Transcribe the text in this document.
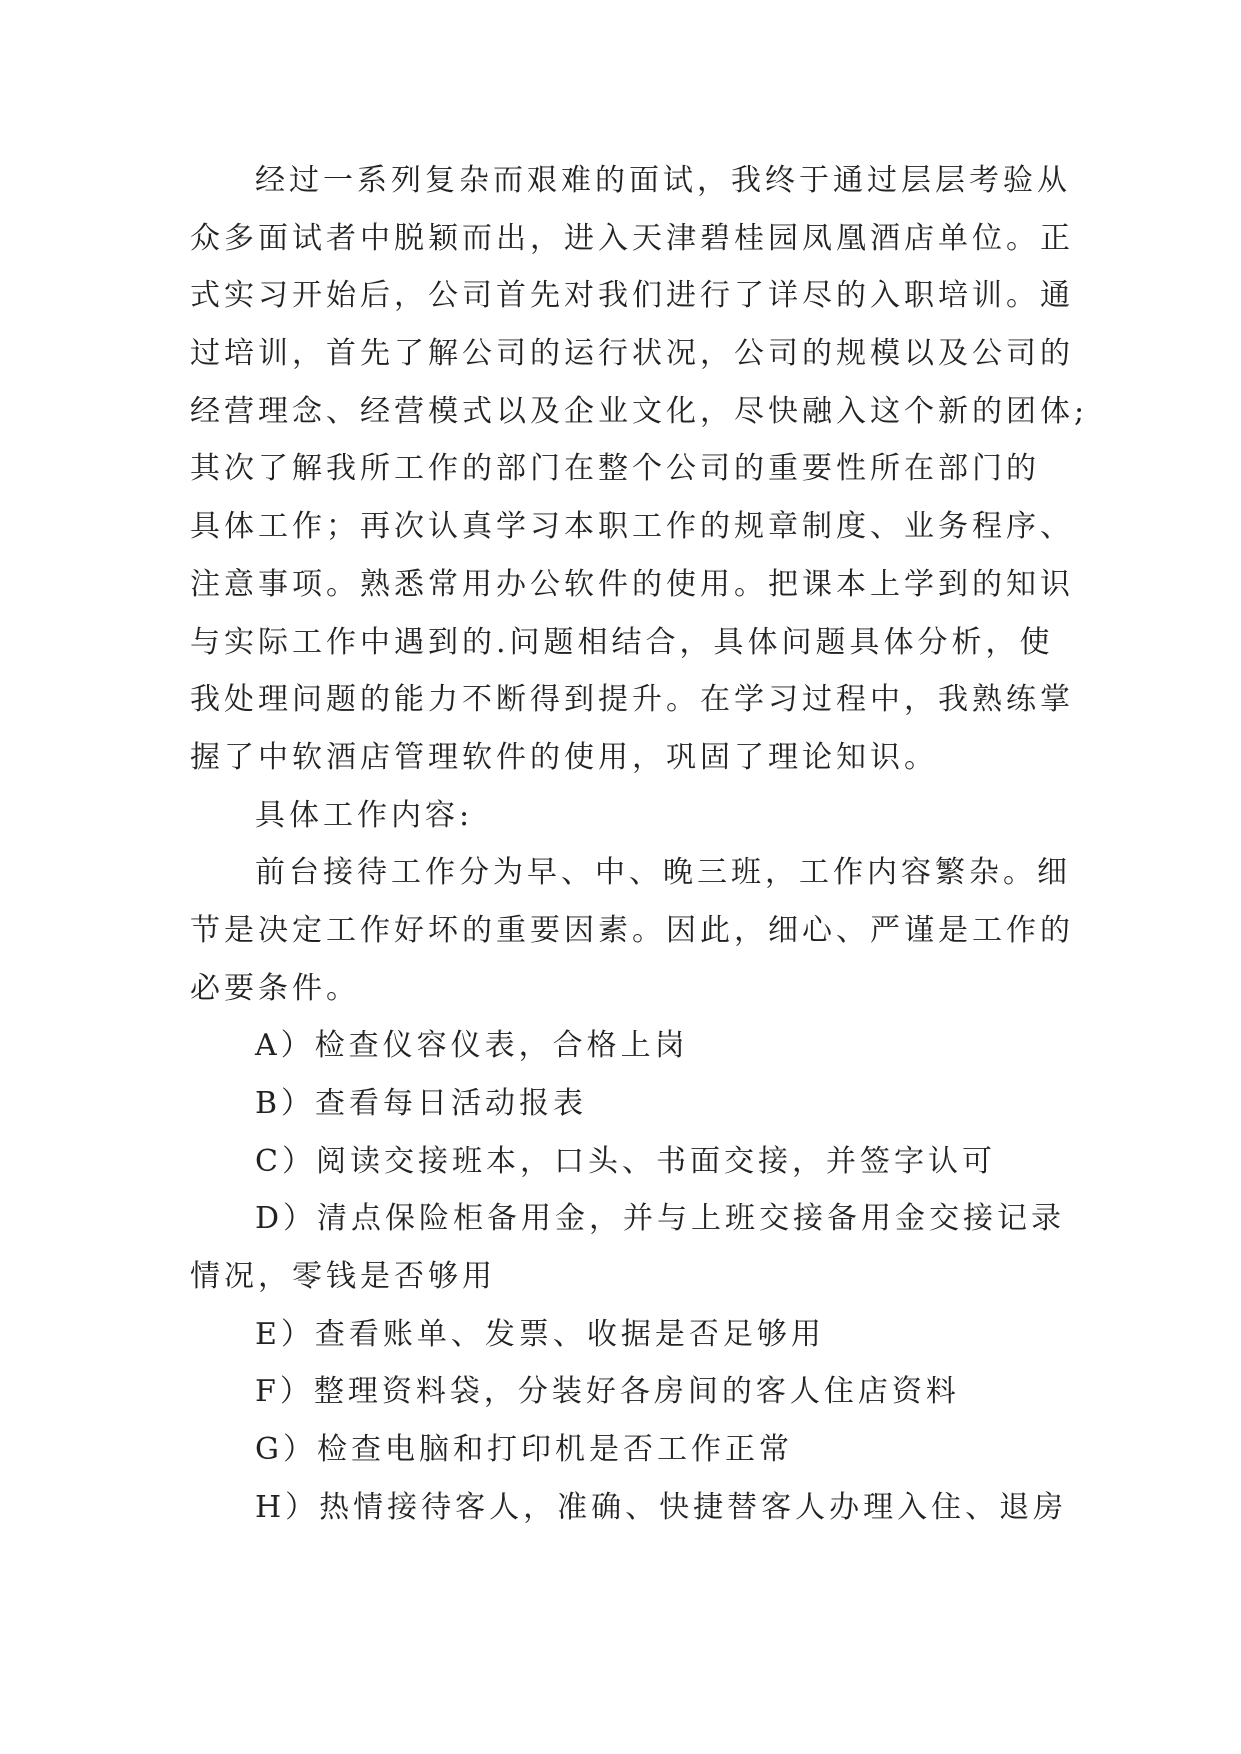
经过一系列复杂而艰难的面试，我终于通过层层考验从
众多面试者中脱颖而出，进入天津碧桂园凤凰酒店单位。正
式实习开始后，公司首先对我们进行了详尽的入职培训。通
过培训，首先了解公司的运行状况，公司的规模以及公司的
经营理念、经营模式以及企业文化，尽快融入这个新的团体;
其次了解我所工作的部门在整个公司的重要性所在部门的
具体工作；再次认真学习本职工作的规章制度、业务程序、
注意事项。熟悉常用办公软件的使用。把课本上学到的知识
与实际工作中遇到的.问题相结合，具体问题具体分析，使
我处理问题的能力不断得到提升。在学习过程中，我熟练掌
握了中软酒店管理软件的使用，巩固了理论知识。
具体工作内容:
前台接待工作分为早、中、晚三班，工作内容繁杂。细
节是决定工作好坏的重要因素。因此，细心、严谨是工作的
必要条件。
A）检查仪容仪表，合格上岗
B）查看每日活动报表
C）阅读交接班本，口头、书面交接，并签字认可
D）清点保险柜备用金，并与上班交接备用金交接记录
情况，零钱是否够用
E）查看账单、发票、收据是否足够用
F）整理资料袋，分装好各房间的客人住店资料
G）检查电脑和打印机是否工作正常
H）热情接待客人，准确、快捷替客人办理入住、退房
